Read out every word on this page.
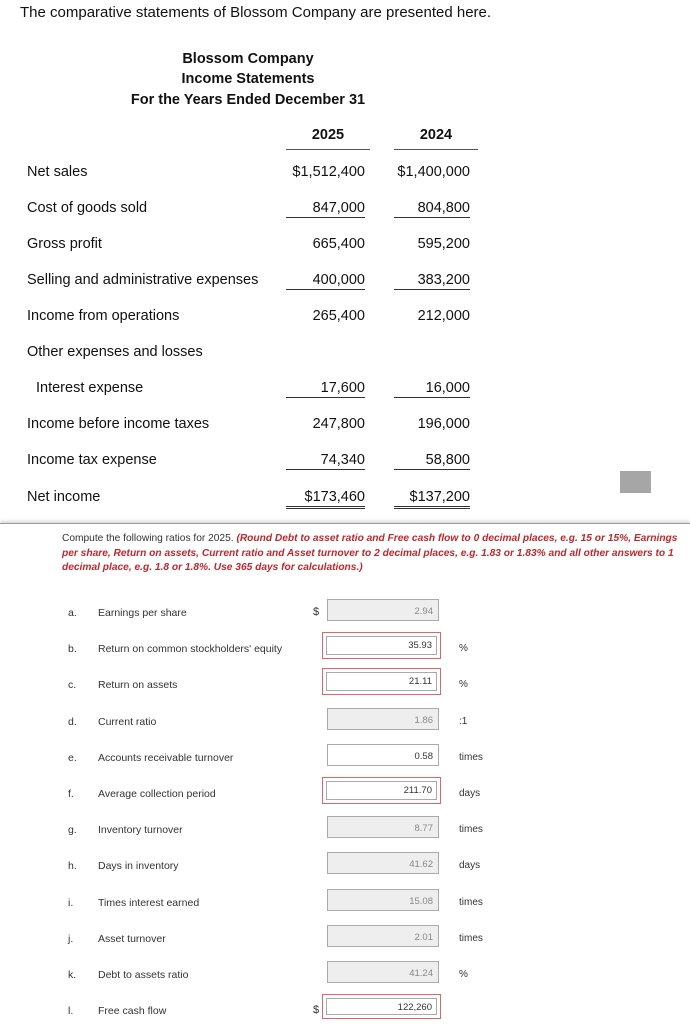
The comparative statements of Blossom Company are presented here.
Blossom Company
Income Statements
For the Years Ended December 31
2025	2024
Net sales	$1,512,400 $1,400,000
Cost of goods sold	847,000	804,800
Gross profit	665,400	595,200
Selling and administrative expenses	400,000	383,200
Income from operations	265,400	212,000
Other expenses and losses
Interest expense	17,600	16,000
Income before income taxes	247,800	196,000
Income tax expense	74,340	58,800
Net income	$173,460	$137,200
Compute the following ratios for 2025. (Round Debt to asset ratio and Free cash flow to 0 decimal places, e.g. 15 or 15%, Earnings per share, Return on assets, Current ratio and Asset turnover to 2 decimal places, e.g. 1.83 or 1.83% and all other answers to 1 decimal place, e.g. 1.8 or 1.8%. Use 365 days for calculations.)
a. Earnings per share	$	2.94
b. Return on common stockholders' equity	35.93	%
c. Return on assets	21.11	%
d. Current ratio	1.86	:1
e. Accounts receivable turnover	0.58	times
f. Average collection period	211.70	days
g. Inventory turnover	8.77	times
h. Days in inventory	41.62	days
i. Times interest earned	15.08	times
j. Asset turnover	2.01	times
k. Debt to assets ratio	41.24	%
l. Free cash flow	$	122,260
